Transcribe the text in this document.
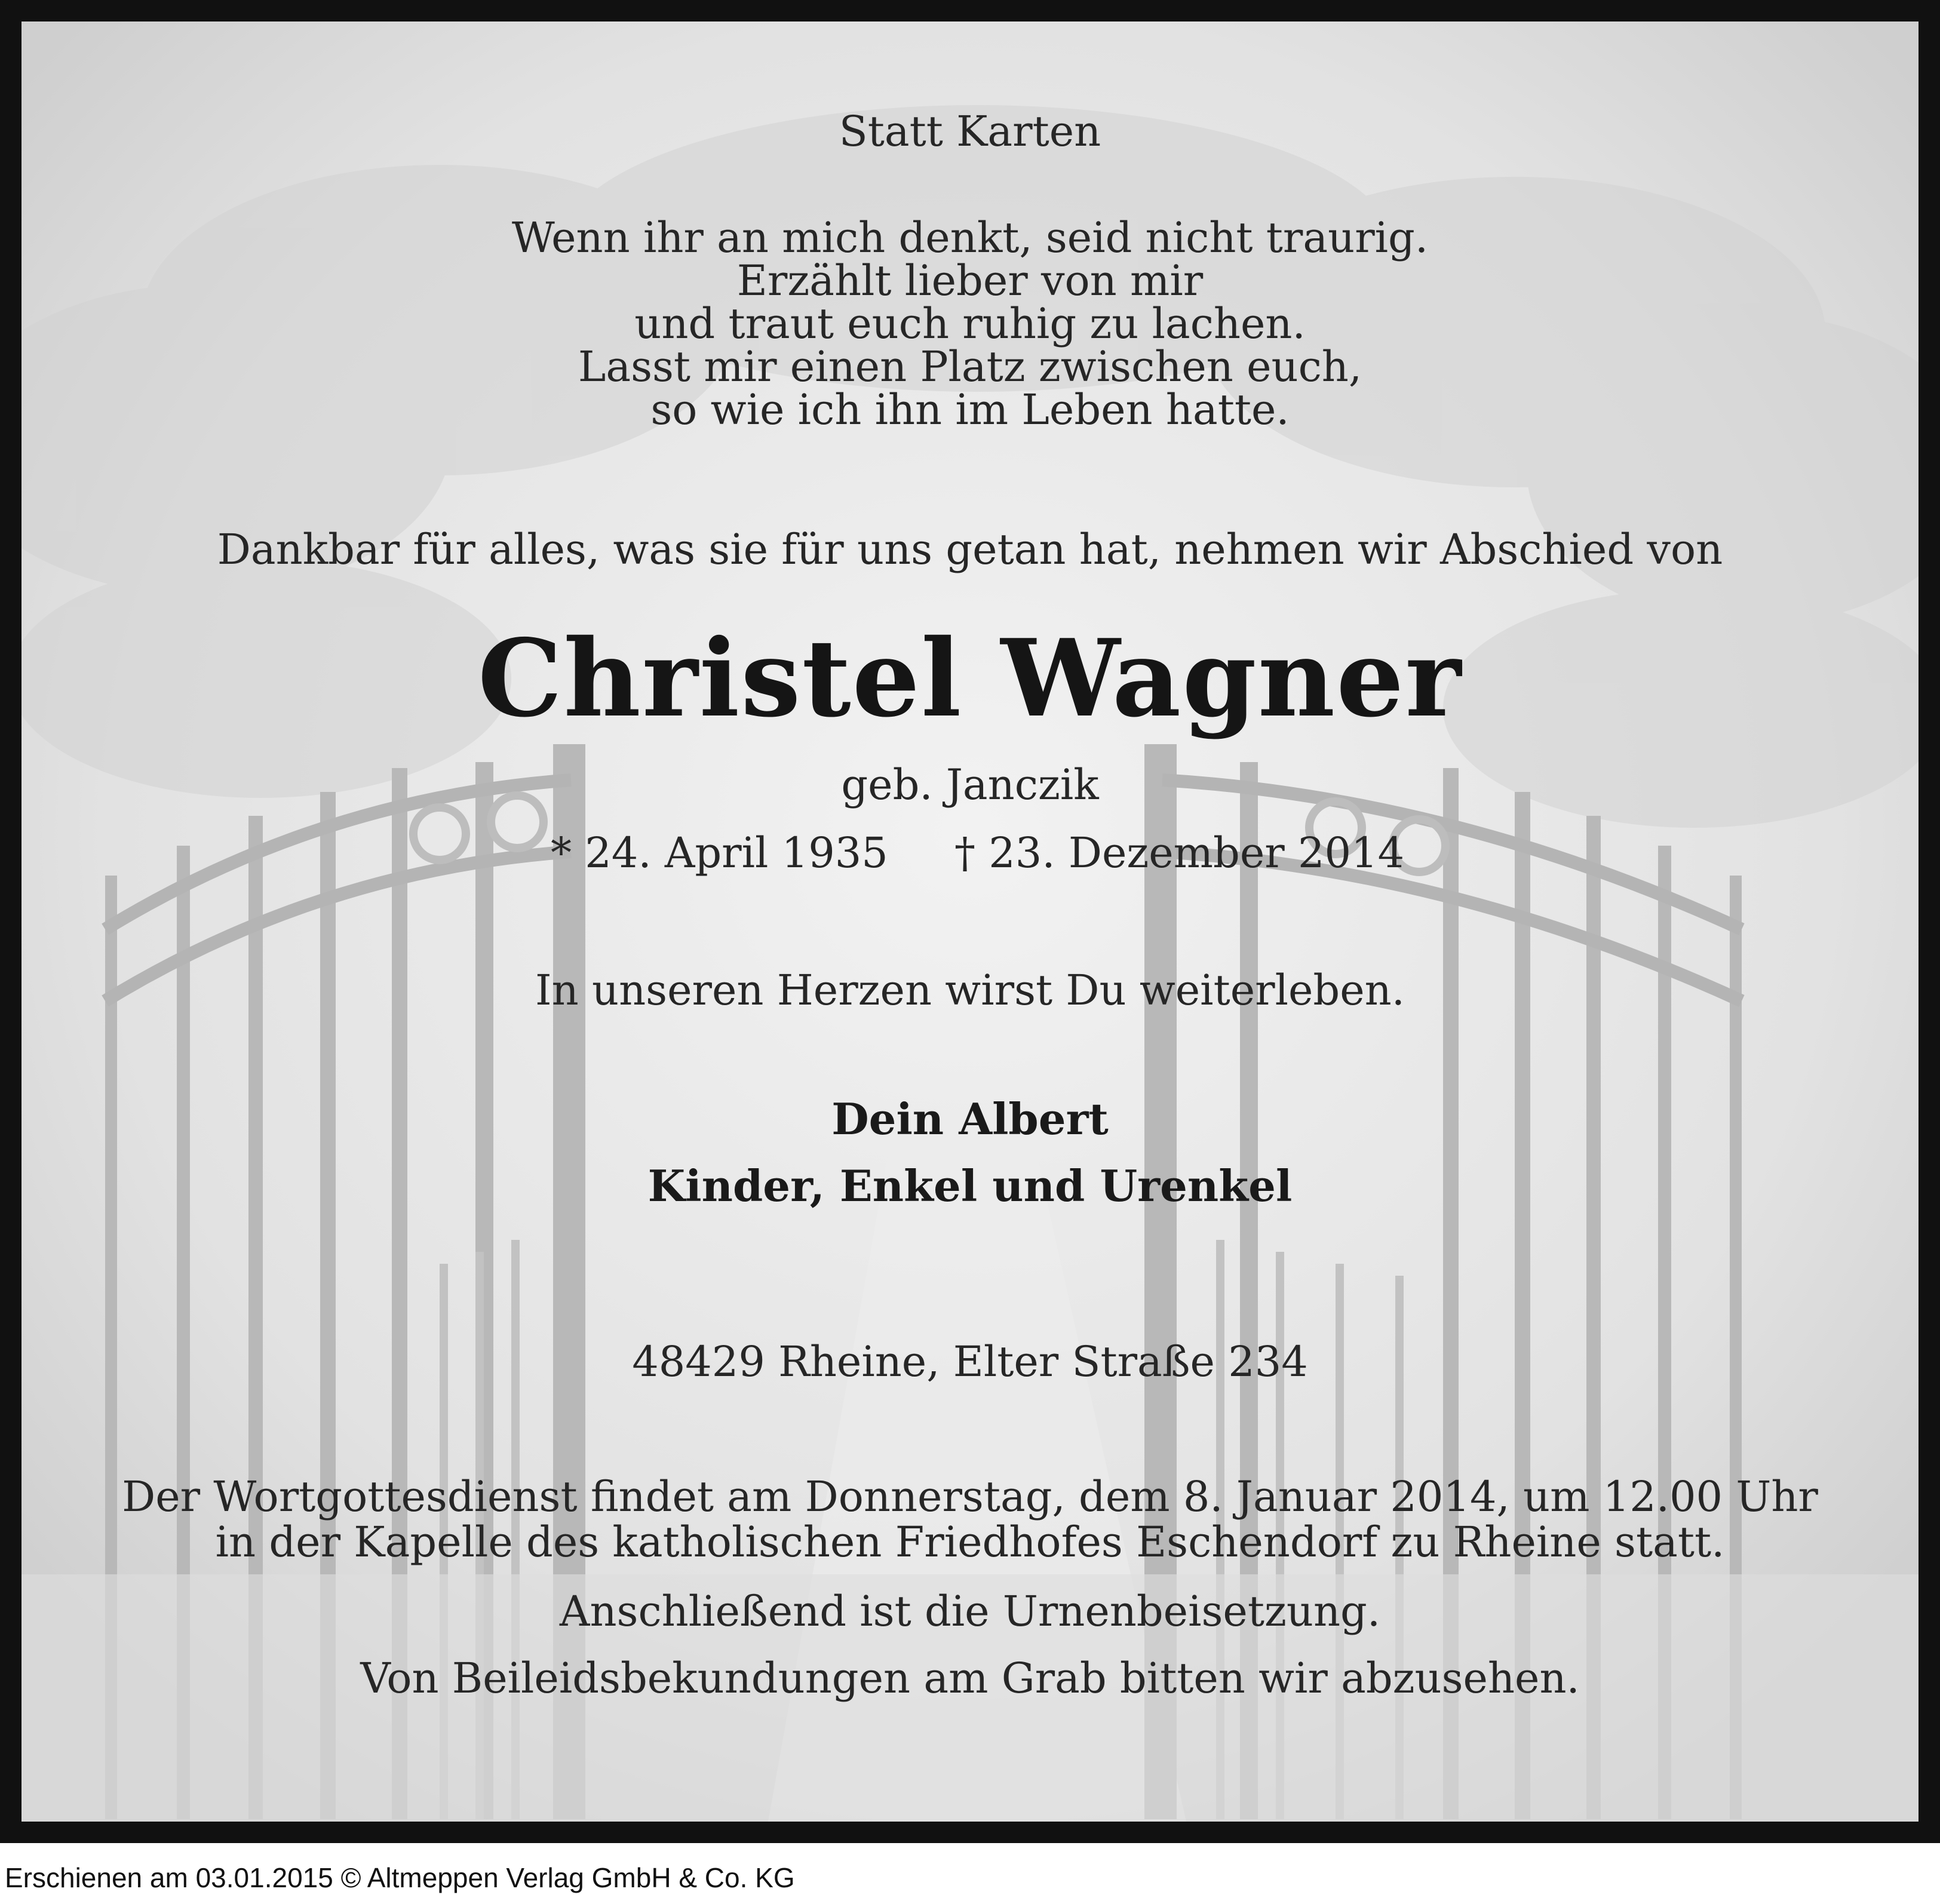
Statt Karten
Wenn ihr an mich denkt, seid nicht traurig.
Erzählt lieber von mir
und traut euch ruhig zu lachen.
Lasst mir einen Platz zwischen euch,
so wie ich ihn im Leben hatte.
Dankbar für alles, was sie für uns getan hat, nehmen wir Abschied von
Christel Wagner
geb. Janczik
* 24. April 1935 † 23. Dezember 2014
In unseren Herzen wirst Du weiterleben.
Dein Albert
Kinder, Enkel und Urenkel
48429 Rheine, Elter Straße 234
Der Wortgottesdienst findet am Donnerstag, dem 8. Januar 2014, um 12.00 Uhr
in der Kapelle des katholischen Friedhofes Eschendorf zu Rheine statt.
Anschließend ist die Urnenbeisetzung.
Von Beileidsbekundungen am Grab bitten wir abzusehen.
Erschienen am 03.01.2015 © Altmeppen Verlag GmbH & Co. KG
